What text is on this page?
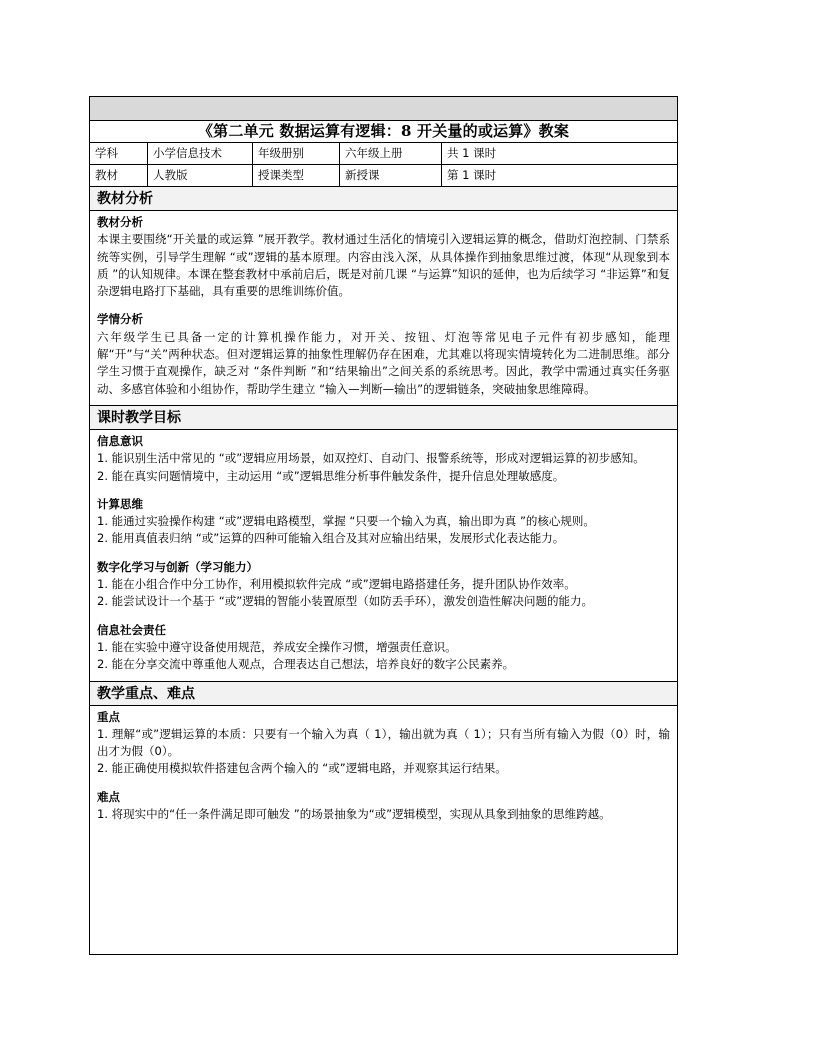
《第二单元 数据运算有逻辑：8 开关量的或运算》教案
学科	小学信息技术	年级册别	六年级上册	共 1 课时
教材	人教版	授课类型	新授课	第 1 课时
教材分析

教材分析

本课主要围绕“开关量的或运算 ”展开教学。教材通过生活化的情境引入逻辑运算的概念，借助灯泡控制、门禁系统等实例，引导学生理解 “或”逻辑的基本原理。内容由浅入深，从具体操作到抽象思维过渡，体现“从现象到本质 ”的认知规律。本课在整套教材中承前启后，既是对前几课 “与运算”知识的延伸，也为后续学习 “非运算”和复杂逻辑电路打下基础，具有重要的思维训练价值。

学情分析

六年级学生已具备一定的计算机操作能力，对开关、按钮、灯泡等常见电子元件有初步感知，能理解“开”与“关”两种状态。但对逻辑运算的抽象性理解仍存在困难，尤其难以将现实情境转化为二进制思维。部分学生习惯于直观操作，缺乏对 “条件判断 ”和“结果输出”之间关系的系统思考。因此，教学中需通过真实任务驱动、多感官体验和小组协作，帮助学生建立 “输入—判断—输出”的逻辑链条，突破抽象思维障碍。

课时教学目标

信息意识

1. 能识别生活中常见的 “或”逻辑应用场景，如双控灯、自动门、报警系统等，形成对逻辑运算的初步感知。

2. 能在真实问题情境中，主动运用 “或”逻辑思维分析事件触发条件，提升信息处理敏感度。

计算思维

1. 能通过实验操作构建 “或”逻辑电路模型，掌握 “只要一个输入为真，输出即为真 ”的核心规则。

2. 能用真值表归纳 “或”运算的四种可能输入组合及其对应输出结果，发展形式化表达能力。

数字化学习与创新（学习能力）

1. 能在小组合作中分工协作，利用模拟软件完成 “或”逻辑电路搭建任务，提升团队协作效率。

2. 能尝试设计一个基于 “或”逻辑的智能小装置原型（如防丢手环），激发创造性解决问题的能力。

信息社会责任

1. 能在实验中遵守设备使用规范，养成安全操作习惯，增强责任意识。

2. 能在分享交流中尊重他人观点，合理表达自己想法，培养良好的数字公民素养。

教学重点、难点

重点

1. 理解“或”逻辑运算的本质：只要有一个输入为真（ 1），输出就为真（ 1）；只有当所有输入为假（0）时，输出才为假（0）。

2. 能正确使用模拟软件搭建包含两个输入的 “或”逻辑电路，并观察其运行结果。

难点

1. 将现实中的“任一条件满足即可触发 ”的场景抽象为“或”逻辑模型，实现从具象到抽象的思维跨越。
